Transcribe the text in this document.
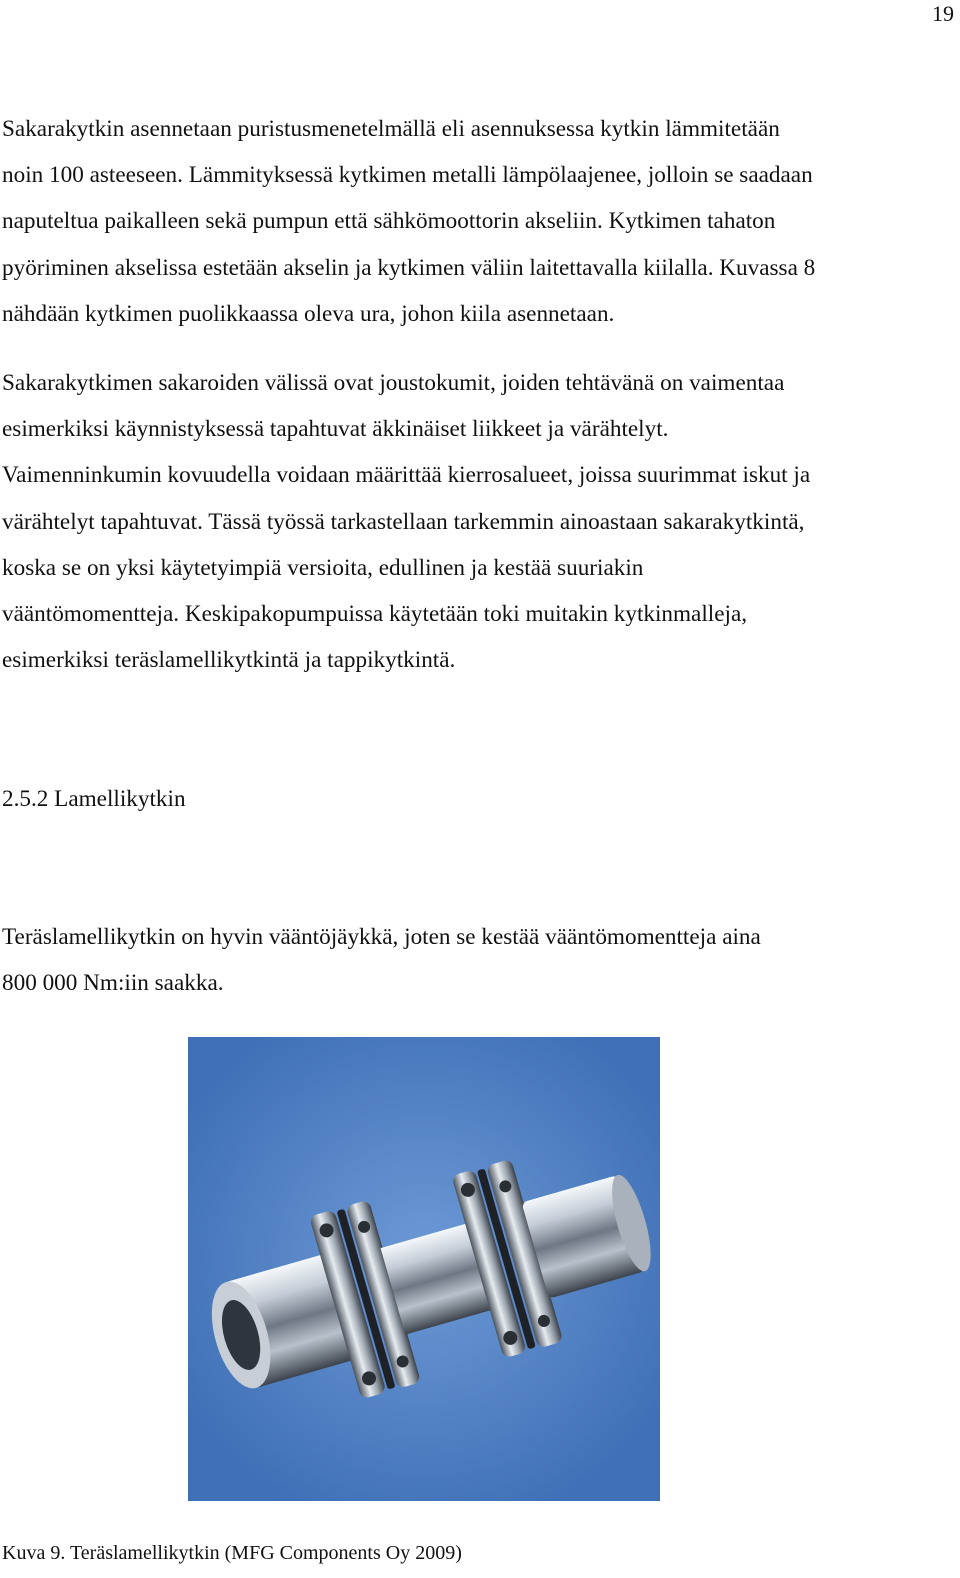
19

Sakarakytkin asennetaan puristusmenetelmällä eli asennuksessa kytkin lämmitetään
noin 100 asteeseen. Lämmityksessä kytkimen metalli lämpölaajenee, jolloin se saadaan
naputeltua paikalleen sekä pumpun että sähkömoottorin akseliin. Kytkimen tahaton
pyöriminen akselissa estetään akselin ja kytkimen väliin laitettavalla kiilalla. Kuvassa 8
nähdään kytkimen puolikkaassa oleva ura, johon kiila asennetaan.

Sakarakytkimen sakaroiden välissä ovat joustokumit, joiden tehtävänä on vaimentaa
esimerkiksi käynnistyksessä tapahtuvat äkkinäiset liikkeet ja värähtelyt.
Vaimenninkumin kovuudella voidaan määrittää kierrosalueet, joissa suurimmat iskut ja
värähtelyt tapahtuvat. Tässä työssä tarkastellaan tarkemmin ainoastaan sakarakytkintä,
koska se on yksi käytetyimpiä versioita, edullinen ja kestää suuriakin
vääntömomentteja. Keskipakopumpuissa käytetään toki muitakin kytkinmalleja,
esimerkiksi teräslamellikytkintä ja tappikytkintä.

2.5.2 Lamellikytkin

Teräslamellikytkin on hyvin vääntöjäykkä, joten se kestää vääntömomentteja aina
800 000 Nm:iin saakka.

Kuva 9. Teräslamellikytkin (MFG Components Oy 2009)
